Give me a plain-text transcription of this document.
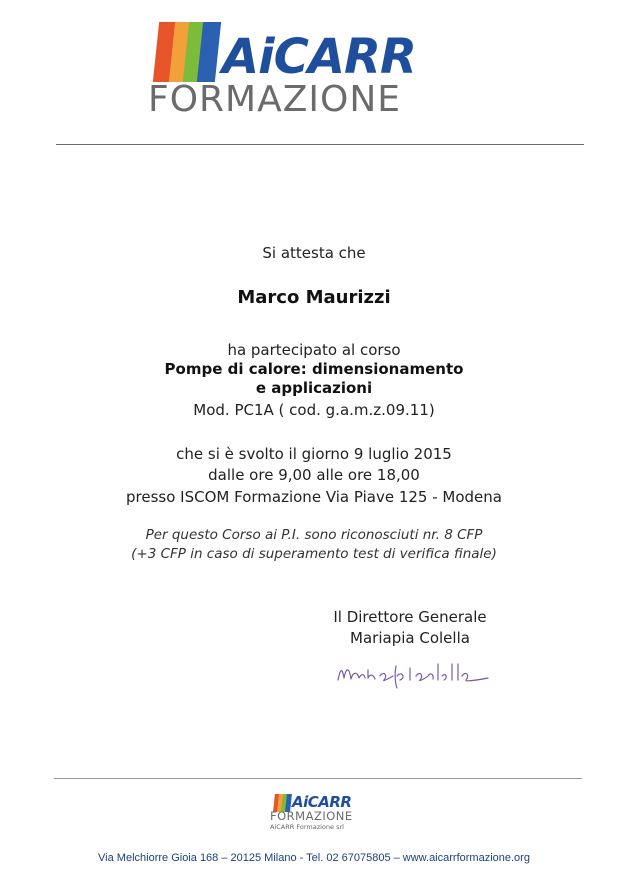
AiCARR
FORMAZIONE
Si attesta che
Marco Maurizzi
ha partecipato al corso
Pompe di calore: dimensionamento
e applicazioni
Mod. PC1A ( cod. g.a.m.z.09.11)
che si è svolto il giorno 9 luglio 2015
dalle ore 9,00 alle ore 18,00
presso ISCOM Formazione Via Piave 125 - Modena
Per questo Corso ai P.I. sono riconosciuti nr. 8 CFP
(+3 CFP in caso di superamento test di verifica finale)
Il Direttore Generale
Mariapia Colella
AiCARR
FORMAZIONE
AiCARR Formazione srl
Via Melchiorre Gioia 168 – 20125 Milano - Tel. 02 67075805 – www.aicarrformazione.org
